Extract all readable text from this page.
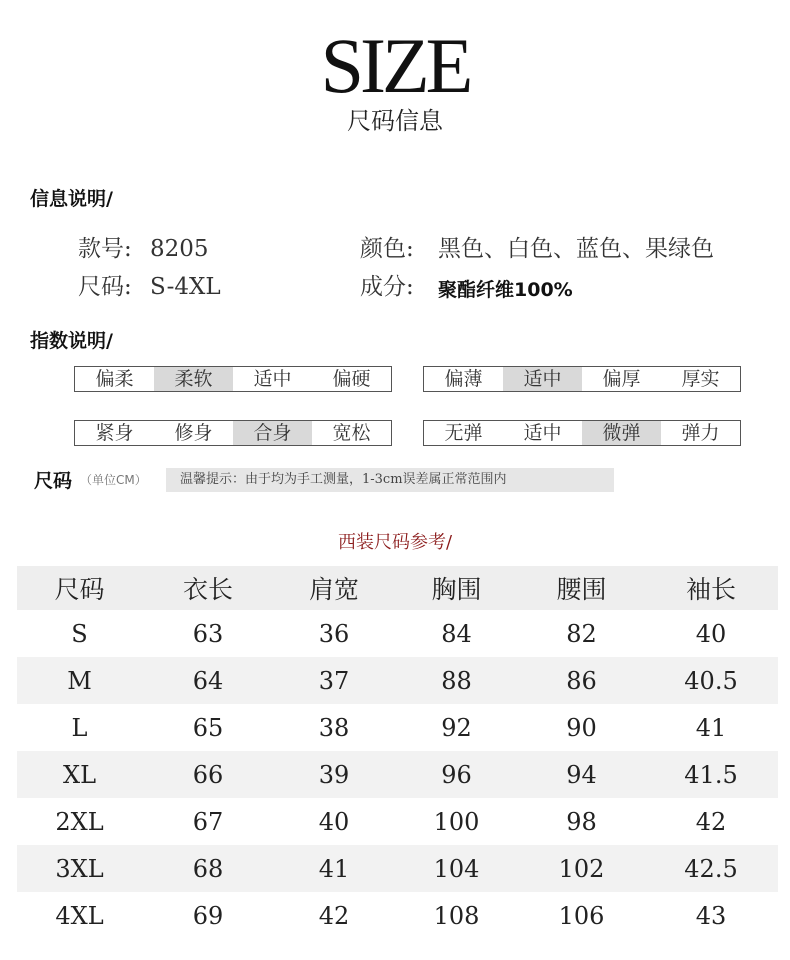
SIZE
尺码信息
信息说明/
款号: 8205	颜色: 黑色、白色、蓝色、果绿色
尺码: S-4XL	成分: 聚酯纤维100%
指数说明/
偏柔	柔软	适中	偏硬	偏薄	适中	偏厚	厚实
紧身	修身	合身	宽松	无弹	适中	微弹	弹力
尺码 （单位CM）	温馨提示：由于均为手工测量，1-3cm误差属正常范围内
西装尺码参考/
尺码	衣长	肩宽	胸围	腰围	袖长
S	63	36	84	82	40
M	64	37	88	86	40.5
L	65	38	92	90	41
XL	66	39	96	94	41.5
2XL	67	40	100	98	42
3XL	68	41	104	102	42.5
4XL	69	42	108	106	43
